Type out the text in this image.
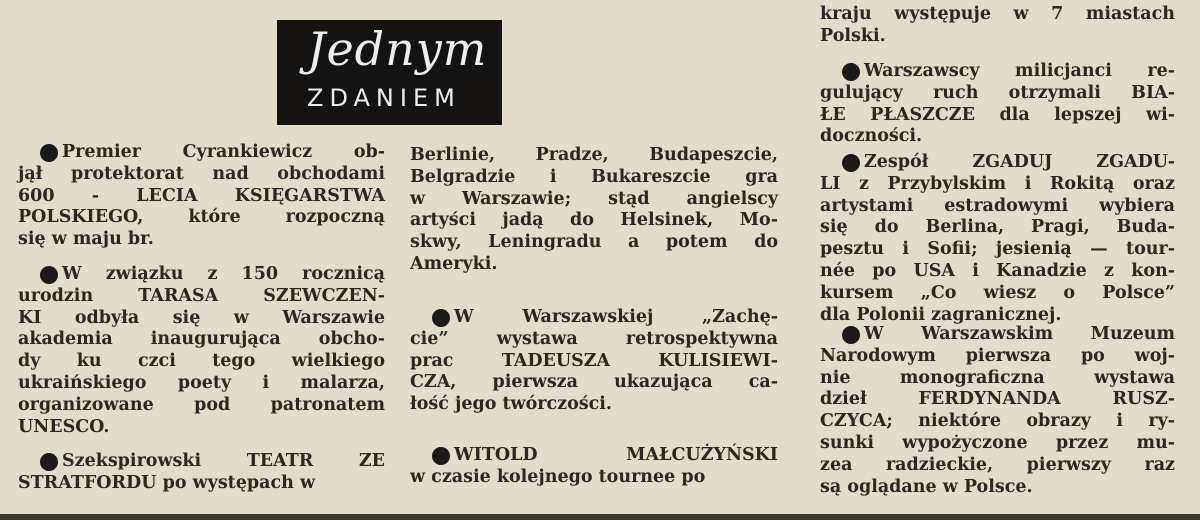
Jednym
ZDANIEM
Premier Cyrankiewicz ob-
jął protektorat nad obchodami
600 - LECIA KSIĘGARSTWA
POLSKIEGO, które rozpoczną
się w maju br.
W związku z 150 rocznicą
urodzin TARASA SZEWCZEN-
KI odbyła się w Warszawie
akademia inaugurująca obcho-
dy ku czci tego wielkiego
ukraińskiego poety i malarza,
organizowane pod patronatem
UNESCO.
Szekspirowski TEATR ZE
STRATFORDU po występach w
Berlinie, Pradze, Budapeszcie,
Belgradzie i Bukareszcie gra
w Warszawie; stąd angielscy
artyści jadą do Helsinek, Mo-
skwy, Leningradu a potem do
Ameryki.
W Warszawskiej „Zachę-
cie” wystawa retrospektywna
prac TADEUSZA KULISIEWI-
CZA, pierwsza ukazująca ca-
łość jego twórczości.
WITOLD MAŁCUŻYŃSKI
w czasie kolejnego tournee po
kraju występuje w 7 miastach
Polski.
Warszawscy milicjanci re-
gulujący ruch otrzymali BIA-
ŁE PŁASZCZE dla lepszej wi-
doczności.
Zespół ZGADUJ ZGADU-
LI z Przybylskim i Rokitą oraz
artystami estradowymi wybiera
się do Berlina, Pragi, Buda-
pesztu i Sofii; jesienią — tour-
née po USA i Kanadzie z kon-
kursem „Co wiesz o Polsce”
dla Polonii zagranicznej.
W Warszawskim Muzeum
Narodowym pierwsza po woj-
nie monograficzna wystawa
dzieł FERDYNANDA RUSZ-
CZYCA; niektóre obrazy i ry-
sunki wypożyczone przez mu-
zea radzieckie, pierwszy raz
są oglądane w Polsce.
